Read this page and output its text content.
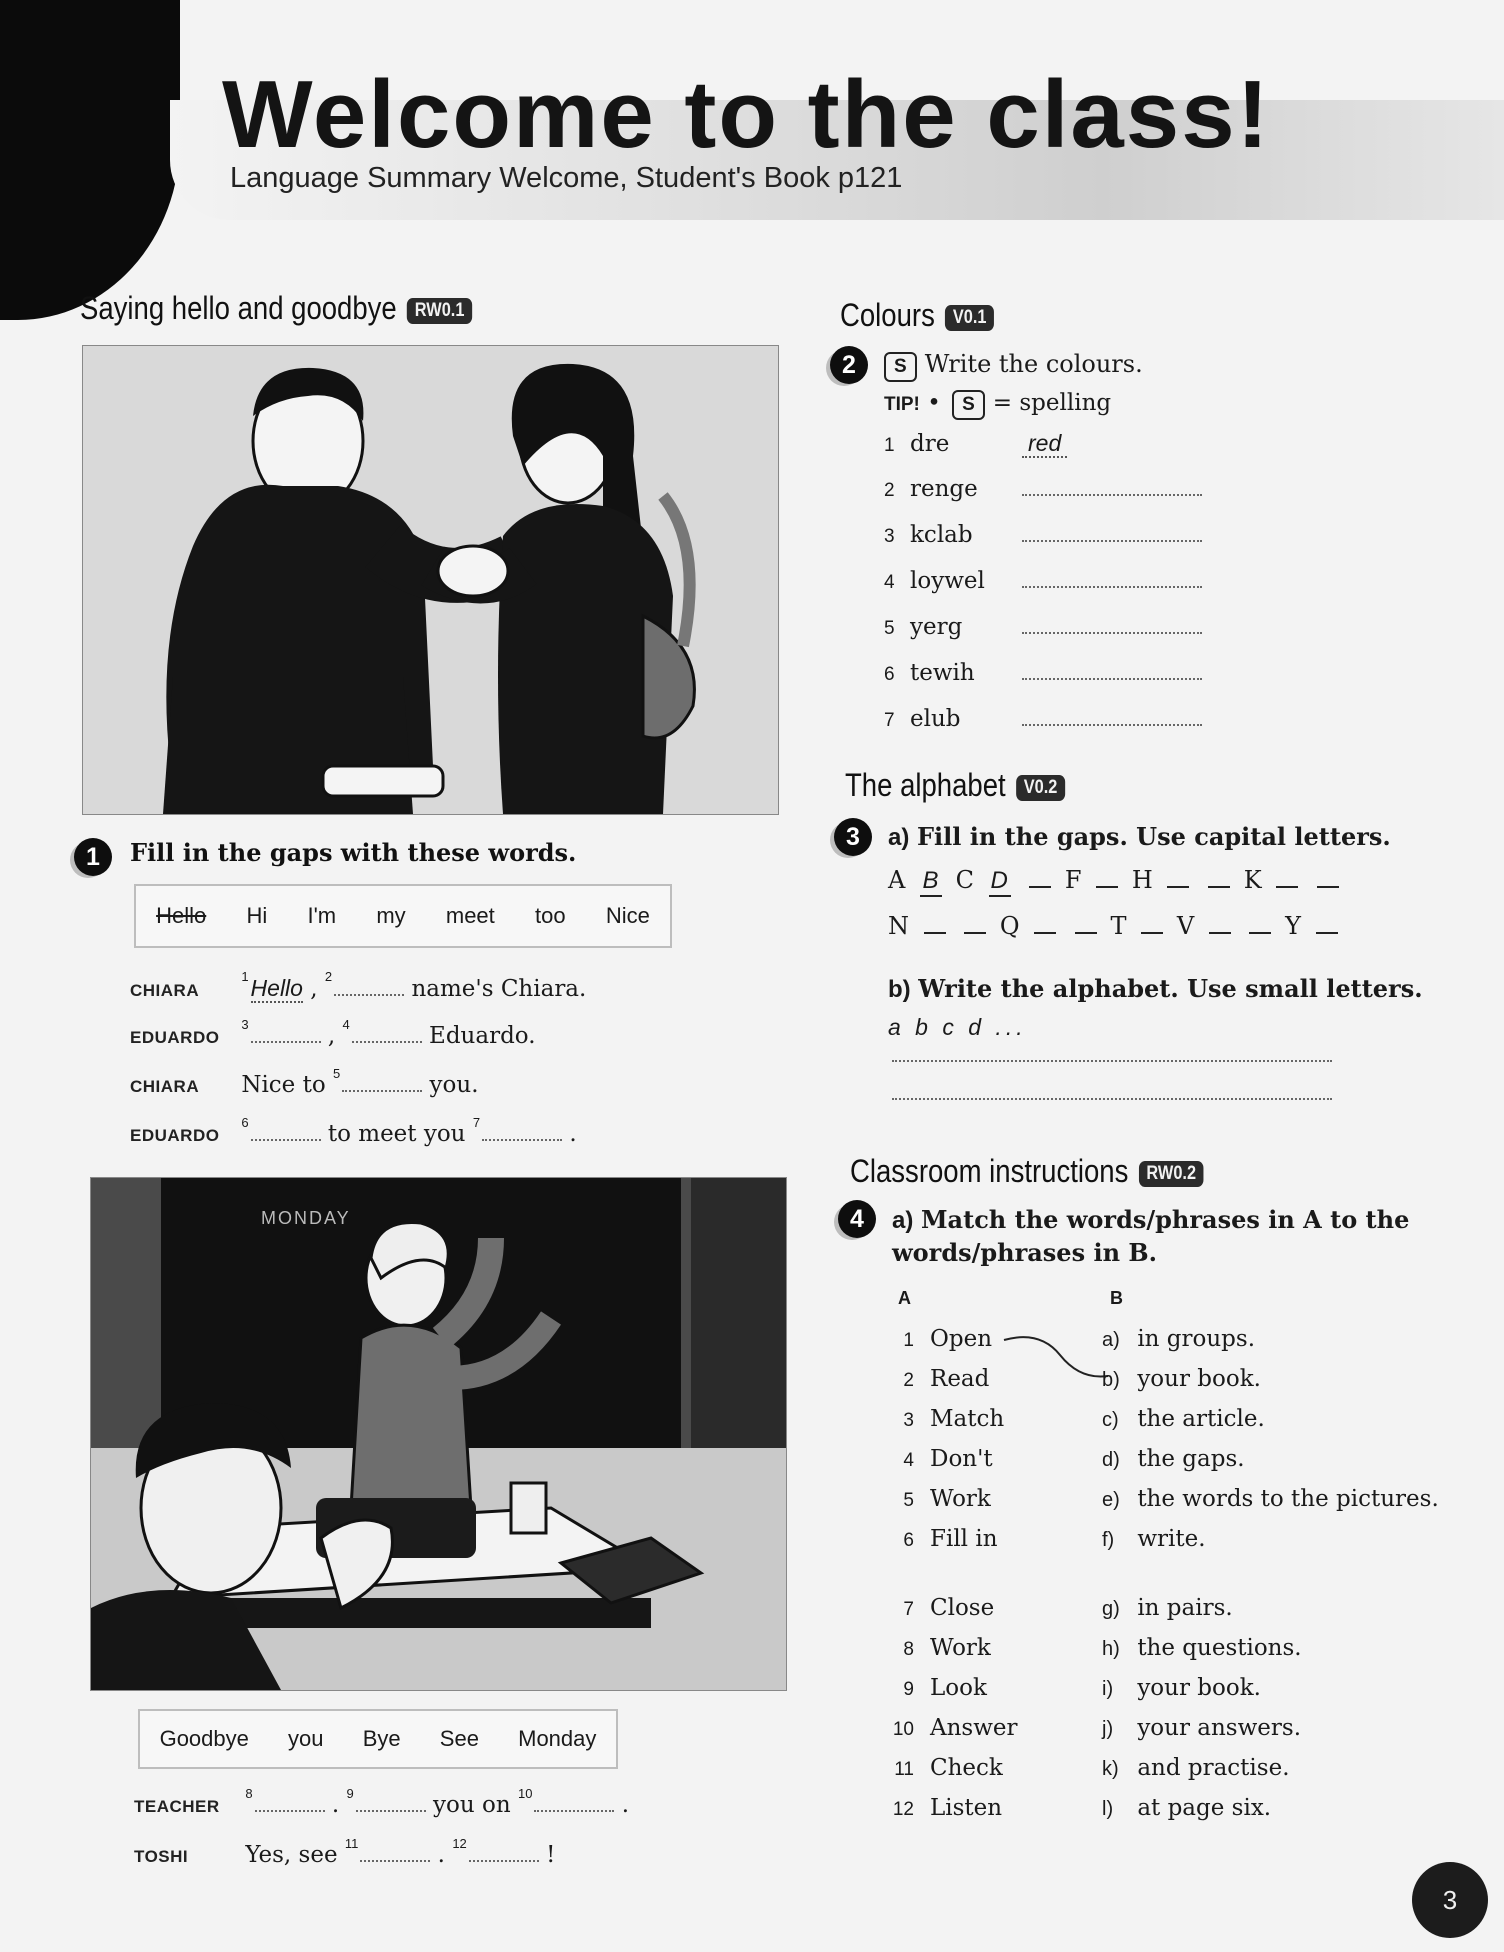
Welcome to the class!
Language Summary Welcome, Student's Book p121
Saying hello and goodbye RW0.1
1	Fill in the gaps with these words.
Hello Hi I'm my meet too Nice
CHIARA $^1$Hello , $^2$	name's Chiara.
EDUARDO $^3$	, $^4$	Eduardo.
CHIARA Nice to $^5$	you.
EDUARDO $^6$	to meet you $^7$	.
MONDAY
Goodbye you Bye See Monday
TEACHER $^8$	. $^9$	you on $^{10}$	.
TOSHI Yes, see $^{11}$	. $^{12}$	!
Colours V0.1
2	S Write the colours.
TIP! • S = spelling
1 dre	red
2 renge
3 kclab
4 loywel
5 yerg
6 tewih
7 elub
The alphabet V0.2
3	a) Fill in the gaps. Use capital letters.
A B C D F H	K
N	Q	T V	Y
b) Write the alphabet. Use small letters.
a b c d ...
Classroom instructions RW0.2
4	a) Match the words/phrases in A to the words/phrases in B.
A	B
1 Open	a) in groups.
2 Read	b) your book.
3 Match	c) the article.
4 Don't	d) the gaps.
5 Work	e) the words to the pictures.
6 Fill in	f) write.
7 Close	g) in pairs.
8 Work	h) the questions.
9 Look	i) your book.
10 Answer	j) your answers.
11 Check	k) and practise.
12 Listen	l) at page six.
3
